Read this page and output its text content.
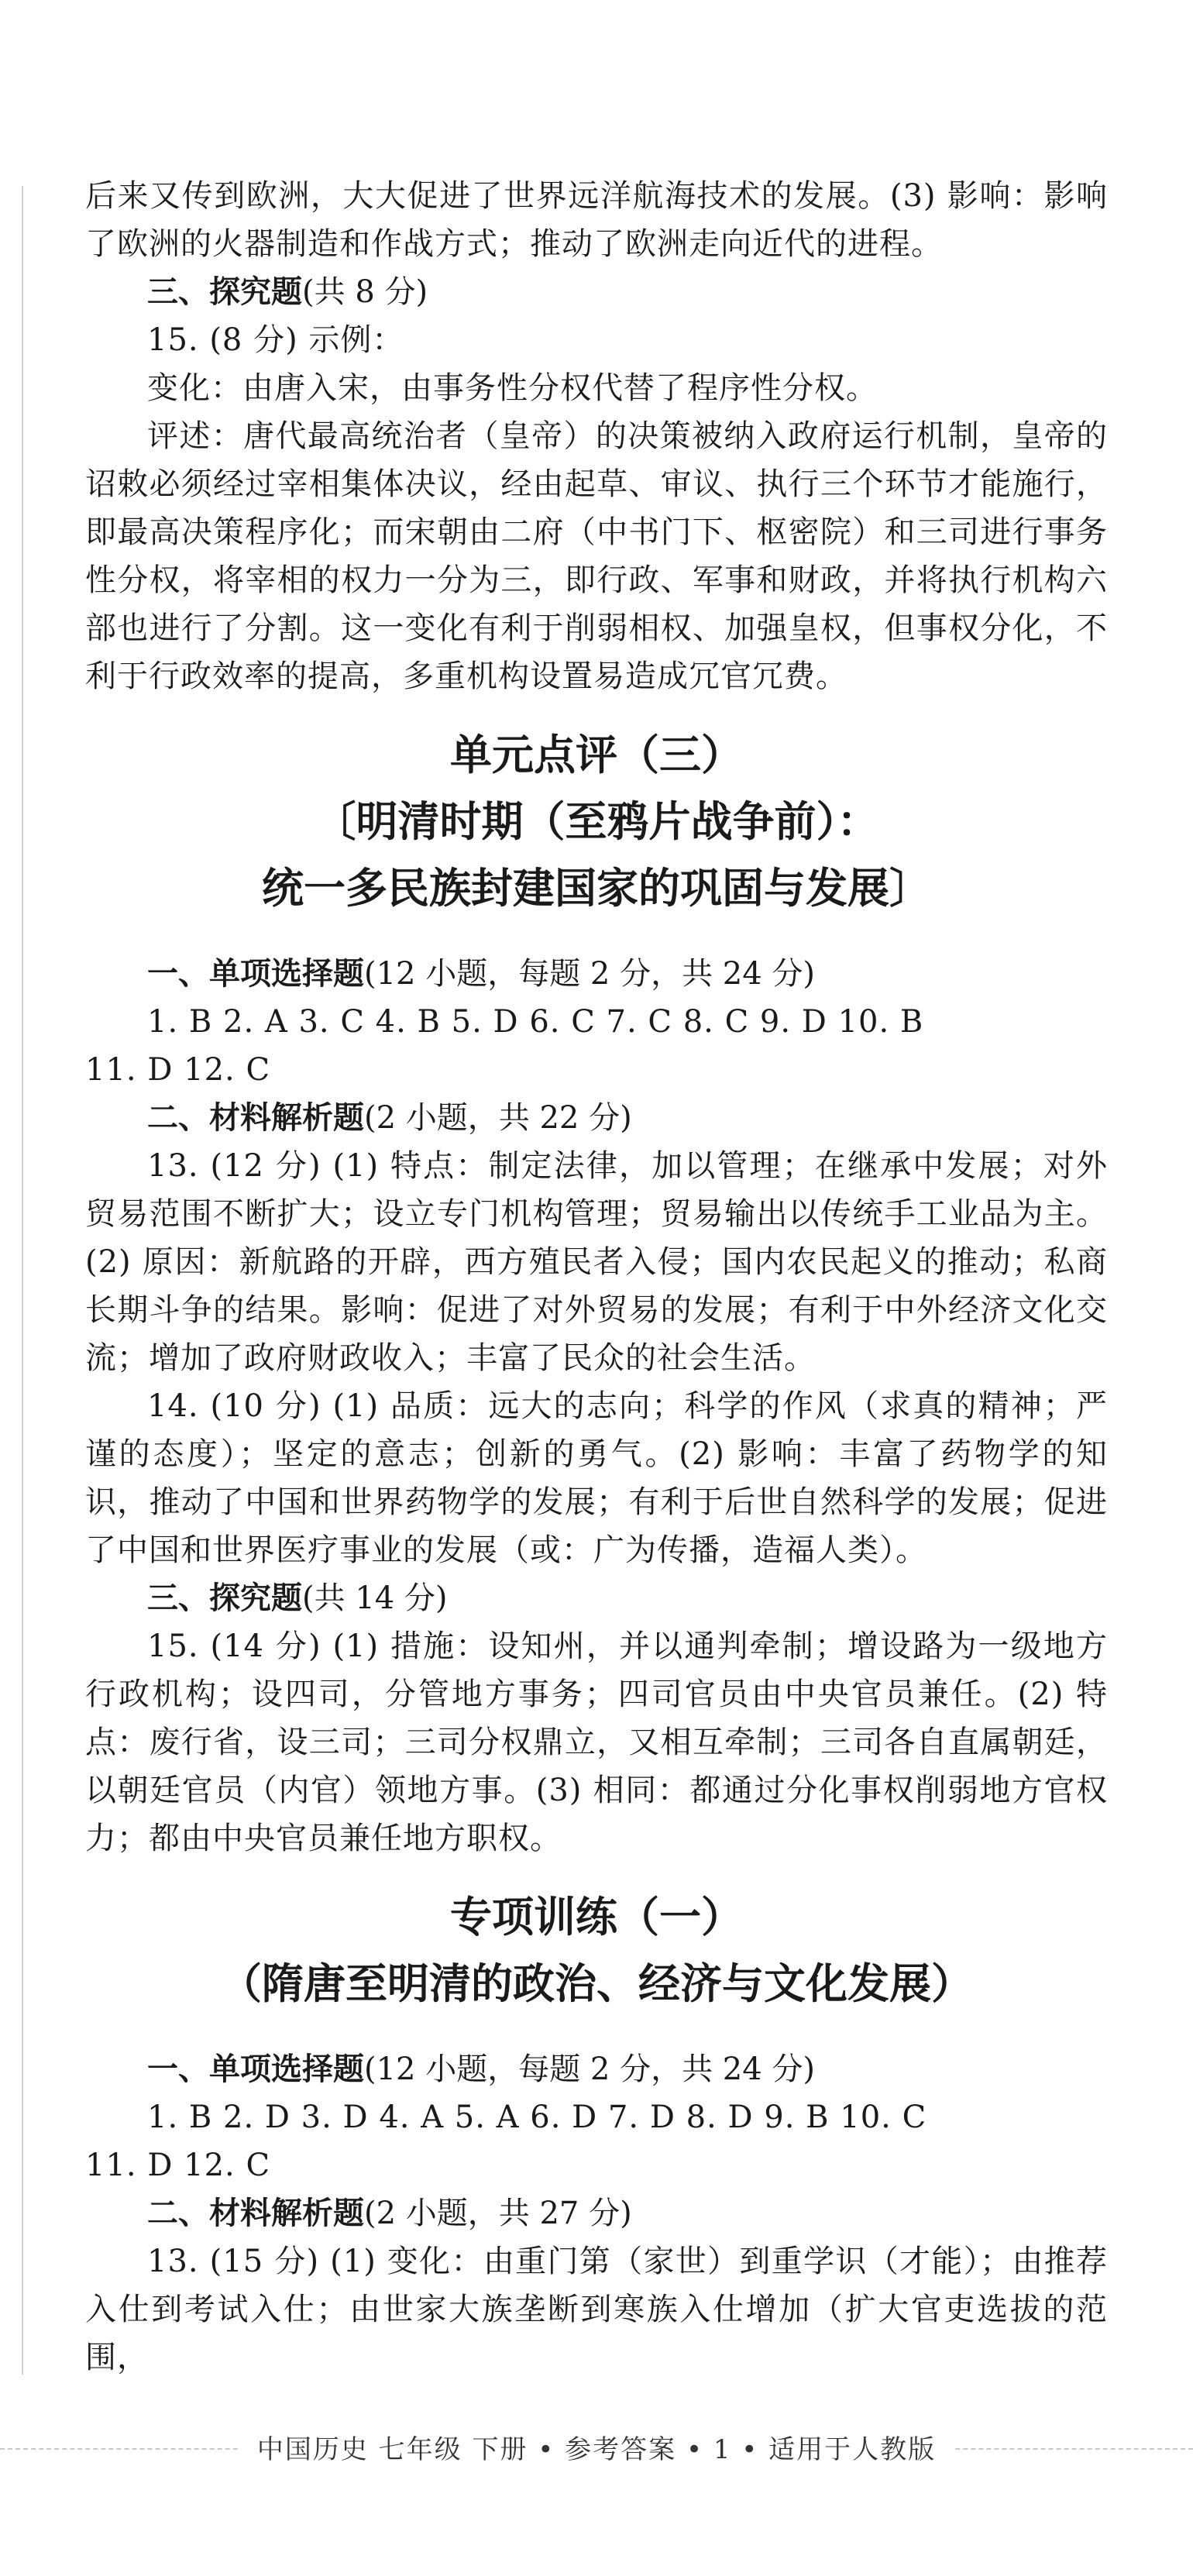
后来又传到欧洲，大大促进了世界远洋航海技术的发展。(3) 影响：影响了欧洲的火器制造和作战方式；推动了欧洲走向近代的进程。

三、探究题(共 8 分)

15. (8 分) 示例：

变化：由唐入宋，由事务性分权代替了程序性分权。

评述：唐代最高统治者（皇帝）的决策被纳入政府运行机制，皇帝的诏敕必须经过宰相集体决议，经由起草、审议、执行三个环节才能施行，即最高决策程序化；而宋朝由二府（中书门下、枢密院）和三司进行事务性分权，将宰相的权力一分为三，即行政、军事和财政，并将执行机构六部也进行了分割。这一变化有利于削弱相权、加强皇权，但事权分化，不利于行政效率的提高，多重机构设置易造成冗官冗费。

单元点评（三）

〔明清时期（至鸦片战争前）：

统一多民族封建国家的巩固与发展〕

一、单项选择题(12 小题，每题 2 分，共 24 分)

1. B 2. A 3. C 4. B 5. D 6. C 7. C 8. C 9. D 10. B

11. D 12. C

二、材料解析题(2 小题，共 22 分)

13. (12 分) (1) 特点：制定法律，加以管理；在继承中发展；对外贸易范围不断扩大；设立专门机构管理；贸易输出以传统手工业品为主。(2) 原因：新航路的开辟，西方殖民者入侵；国内农民起义的推动；私商长期斗争的结果。影响：促进了对外贸易的发展；有利于中外经济文化交流；增加了政府财政收入；丰富了民众的社会生活。

14. (10 分) (1) 品质：远大的志向；科学的作风（求真的精神；严谨的态度）；坚定的意志；创新的勇气。(2) 影响：丰富了药物学的知识，推动了中国和世界药物学的发展；有利于后世自然科学的发展；促进了中国和世界医疗事业的发展（或：广为传播，造福人类）。

三、探究题(共 14 分)

15. (14 分) (1) 措施：设知州，并以通判牵制；增设路为一级地方行政机构；设四司，分管地方事务；四司官员由中央官员兼任。(2) 特点：废行省，设三司；三司分权鼎立，又相互牵制；三司各自直属朝廷，以朝廷官员（内官）领地方事。(3) 相同：都通过分化事权削弱地方官权力；都由中央官员兼任地方职权。

专项训练（一）

（隋唐至明清的政治、经济与文化发展）

一、单项选择题(12 小题，每题 2 分，共 24 分)

1. B 2. D 3. D 4. A 5. A 6. D 7. D 8. D 9. B 10. C

11. D 12. C

二、材料解析题(2 小题，共 27 分)

13. (15 分) (1) 变化：由重门第（家世）到重学识（才能）；由推荐入仕到考试入仕；由世家大族垄断到寒族入仕增加（扩大官吏选拔的范围，

中国历史 七年级 下册 • 参考答案 • 1 • 适用于人教版
